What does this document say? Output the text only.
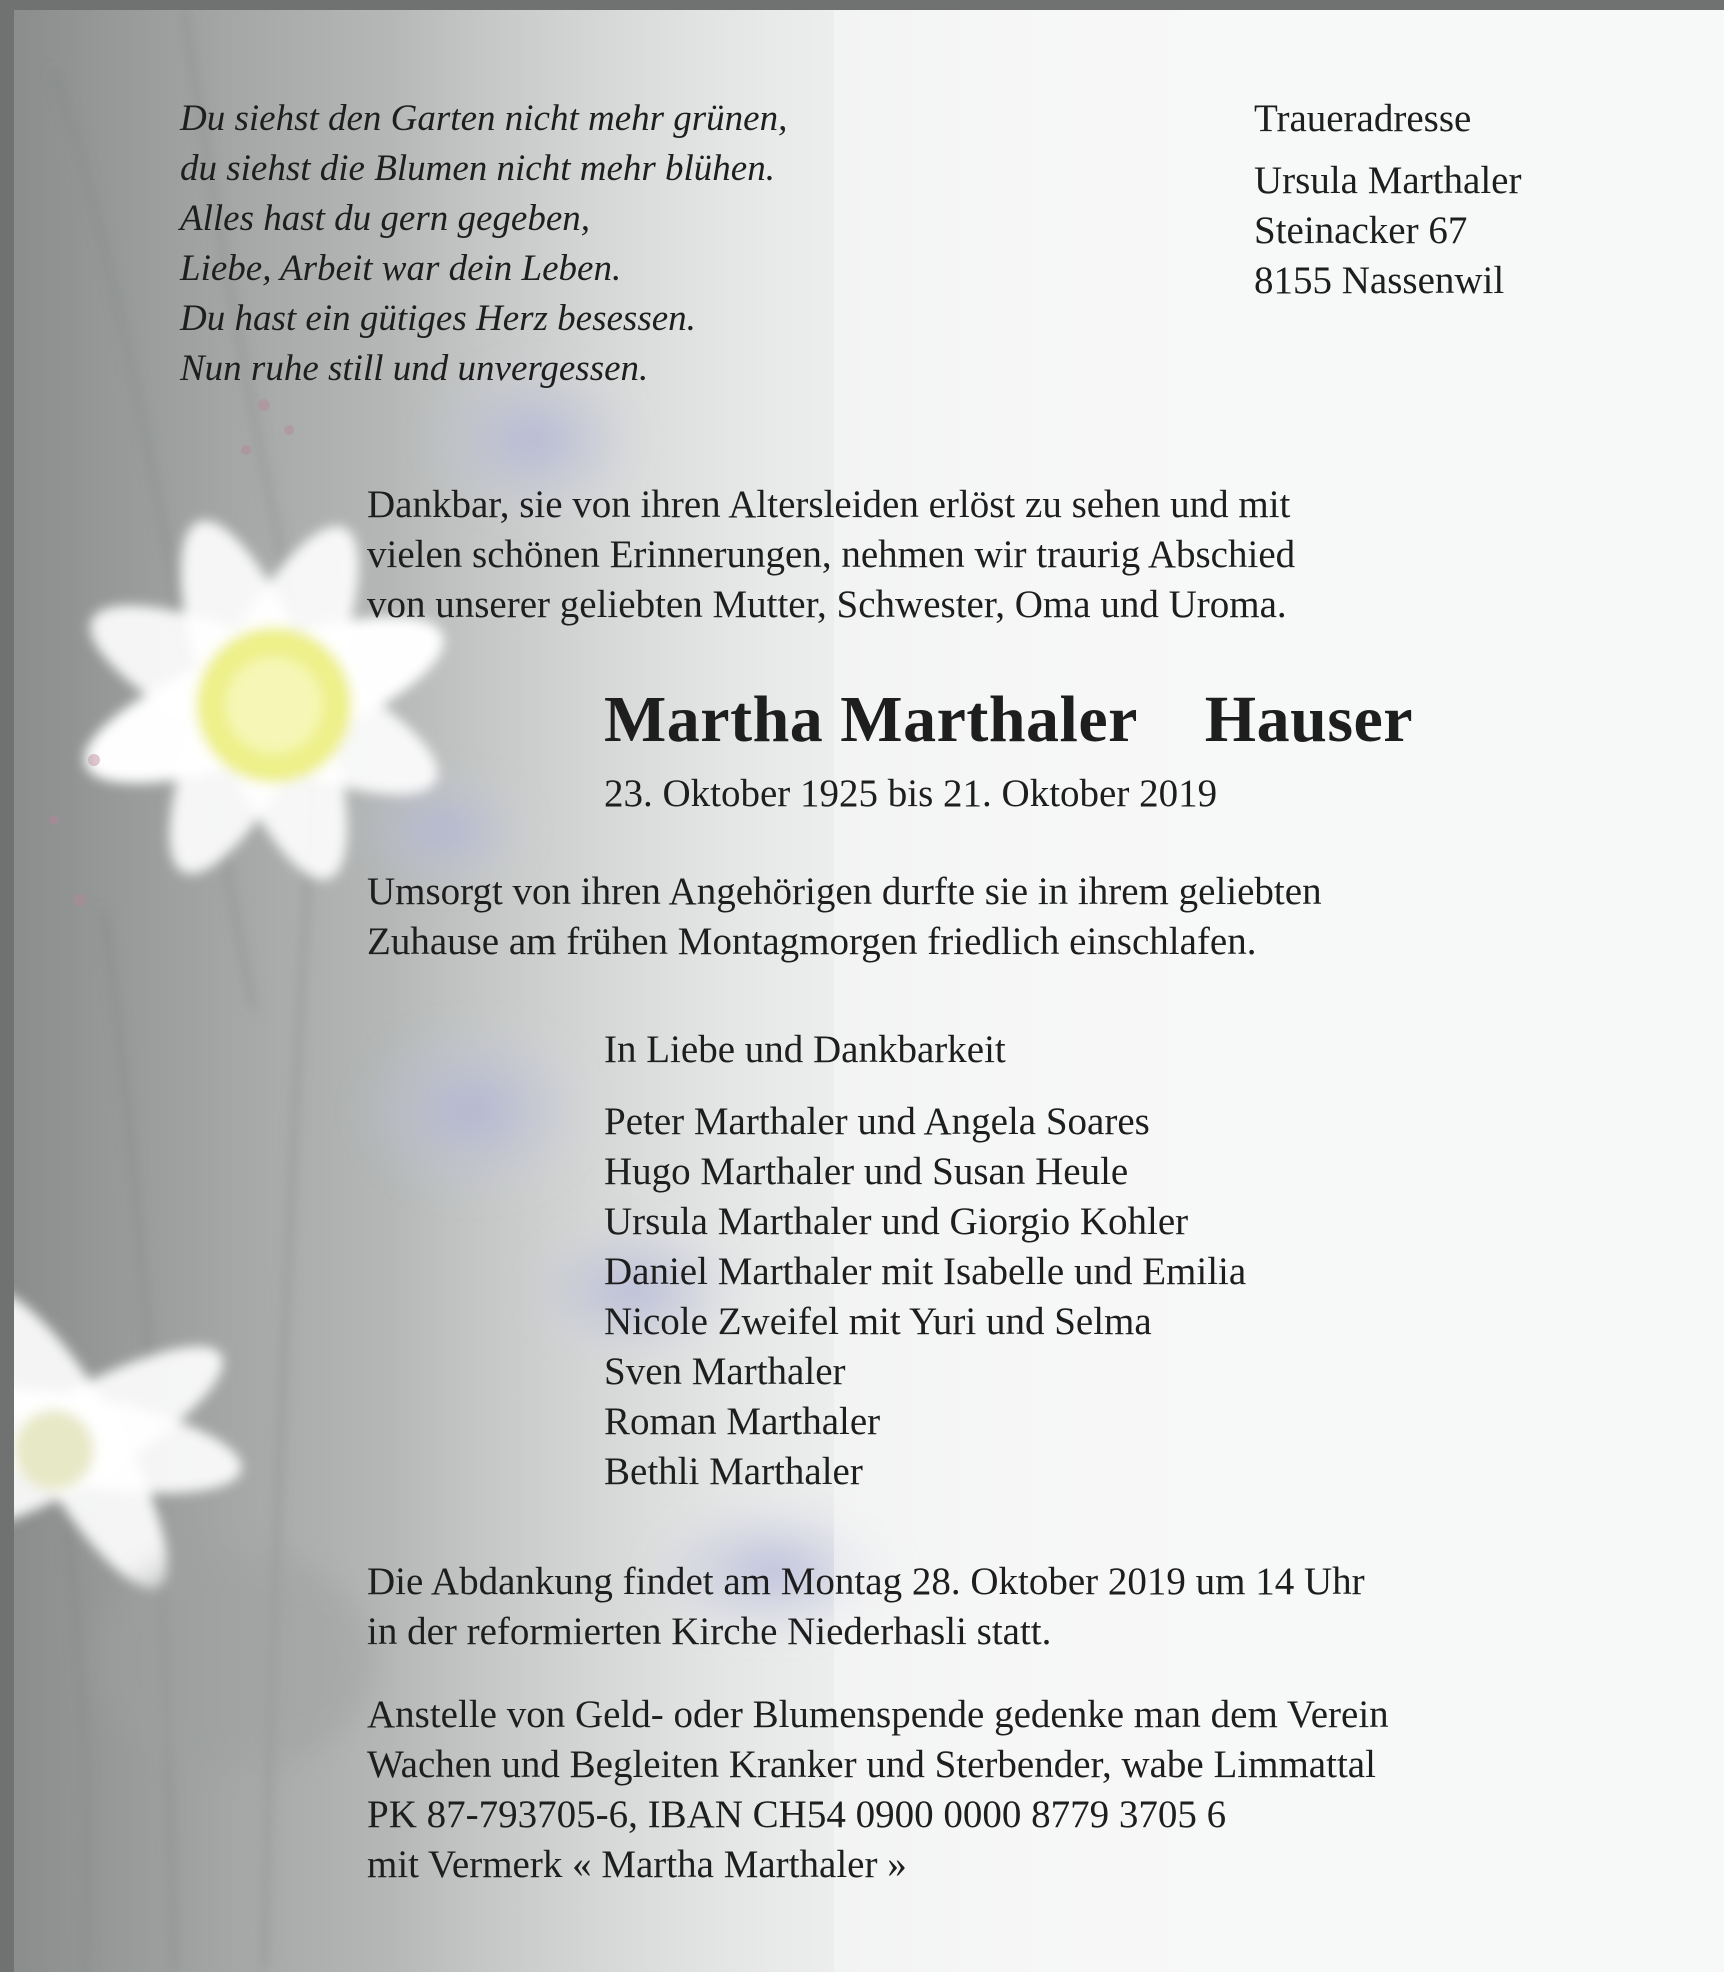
Du siehst den Garten nicht mehr grünen,
du siehst die Blumen nicht mehr blühen.
Alles hast du gern gegeben,
Liebe, Arbeit war dein Leben.
Du hast ein gütiges Herz besessen.
Nun ruhe still und unvergessen.
Traueradresse
Ursula Marthaler
Steinacker 67
8155 Nassenwil
Dankbar, sie von ihren Altersleiden erlöst zu sehen und mit
vielen schönen Erinnerungen, nehmen wir traurig Abschied
von unserer geliebten Mutter, Schwester, Oma und Uroma.
Martha Marthaler Hauser
23. Oktober 1925 bis 21. Oktober 2019
Umsorgt von ihren Angehörigen durfte sie in ihrem geliebten
Zuhause am frühen Montagmorgen friedlich einschlafen.
In Liebe und Dankbarkeit
Peter Marthaler und Angela Soares
Hugo Marthaler und Susan Heule
Ursula Marthaler und Giorgio Kohler
Daniel Marthaler mit Isabelle und Emilia
Nicole Zweifel mit Yuri und Selma
Sven Marthaler
Roman Marthaler
Bethli Marthaler
Die Abdankung findet am Montag 28. Oktober 2019 um 14 Uhr
in der reformierten Kirche Niederhasli statt.
Anstelle von Geld- oder Blumenspende gedenke man dem Verein
Wachen und Begleiten Kranker und Sterbender, wabe Limmattal
PK 87-793705-6, IBAN CH54 0900 0000 8779 3705 6
mit Vermerk « Martha Marthaler »
